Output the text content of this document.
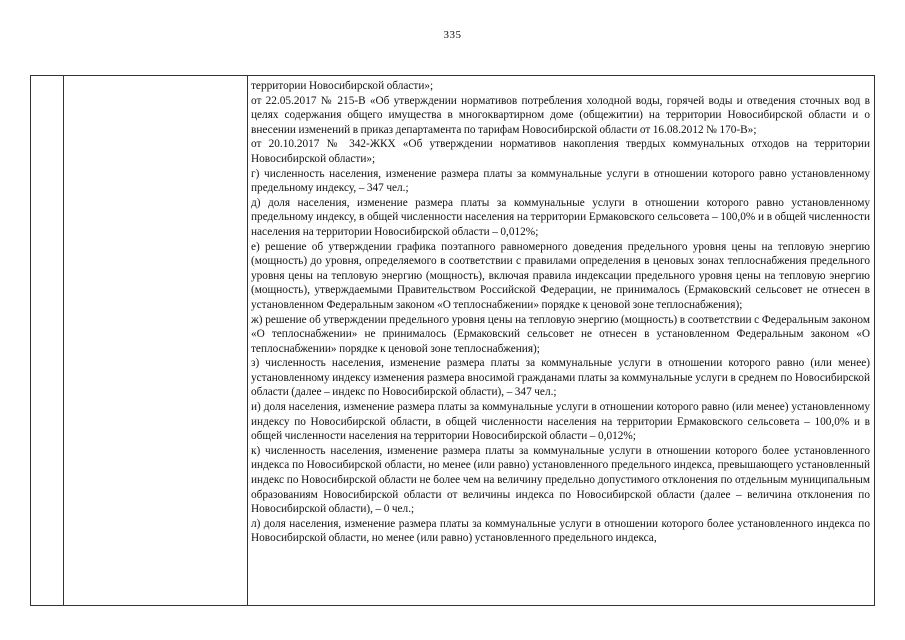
335

территории Новосибирской области»;

от 22.05.2017 № 215-В «Об утверждении нормативов потребления холодной воды, горячей воды и отведения сточных вод в целях содержания общего имущества в многоквартирном доме (общежитии) на территории Новосибирской области и о внесении изменений в приказ департамента по тарифам Новосибирской области от 16.08.2012 № 170-В»;

от 20.10.2017 № 342-ЖКХ «Об утверждении нормативов накопления твердых коммунальных отходов на территории Новосибирской области»;

г) численность населения, изменение размера платы за коммунальные услуги в отношении которого равно установленному предельному индексу, – 347 чел.;

д) доля населения, изменение размера платы за коммунальные услуги в отношении которого равно установленному предельному индексу, в общей численности населения на территории Ермаковского сельсовета – 100,0% и в общей численности населения на территории Новосибирской области – 0,012%;

е) решение об утверждении графика поэтапного равномерного доведения предельного уровня цены на тепловую энергию (мощность) до уровня, определяемого в соответствии с правилами определения в ценовых зонах теплоснабжения предельного уровня цены на тепловую энергию (мощность), включая правила индексации предельного уровня цены на тепловую энергию (мощность), утверждаемыми Правительством Российской Федерации, не принималось (Ермаковский сельсовет не отнесен в установленном Федеральным законом «О теплоснабжении» порядке к ценовой зоне теплоснабжения);

ж) решение об утверждении предельного уровня цены на тепловую энергию (мощность) в соответствии с Федеральным законом «О теплоснабжении» не принималось (Ермаковский сельсовет не отнесен в установленном Федеральным законом «О теплоснабжении» порядке к ценовой зоне теплоснабжения);

з) численность населения, изменение размера платы за коммунальные услуги в отношении которого равно (или менее) установленному индексу изменения размера вносимой гражданами платы за коммунальные услуги в среднем по Новосибирской области (далее – индекс по Новосибирской области), – 347 чел.;

и) доля населения, изменение размера платы за коммунальные услуги в отношении которого равно (или менее) установленному индексу по Новосибирской области, в общей численности населения на территории Ермаковского сельсовета – 100,0% и в общей численности населения на территории Новосибирской области – 0,012%;

к) численность населения, изменение размера платы за коммунальные услуги в отношении которого более установленного индекса по Новосибирской области, но менее (или равно) установленного предельного индекса, превышающего установленный индекс по Новосибирской области не более чем на величину предельно допустимого отклонения по отдельным муниципальным образованиям Новосибирской области от величины индекса по Новосибирской области (далее – величина отклонения по Новосибирской области), – 0 чел.;

л) доля населения, изменение размера платы за коммунальные услуги в отношении которого более установленного индекса по Новосибирской области, но менее (или равно) установленного предельного индекса,
